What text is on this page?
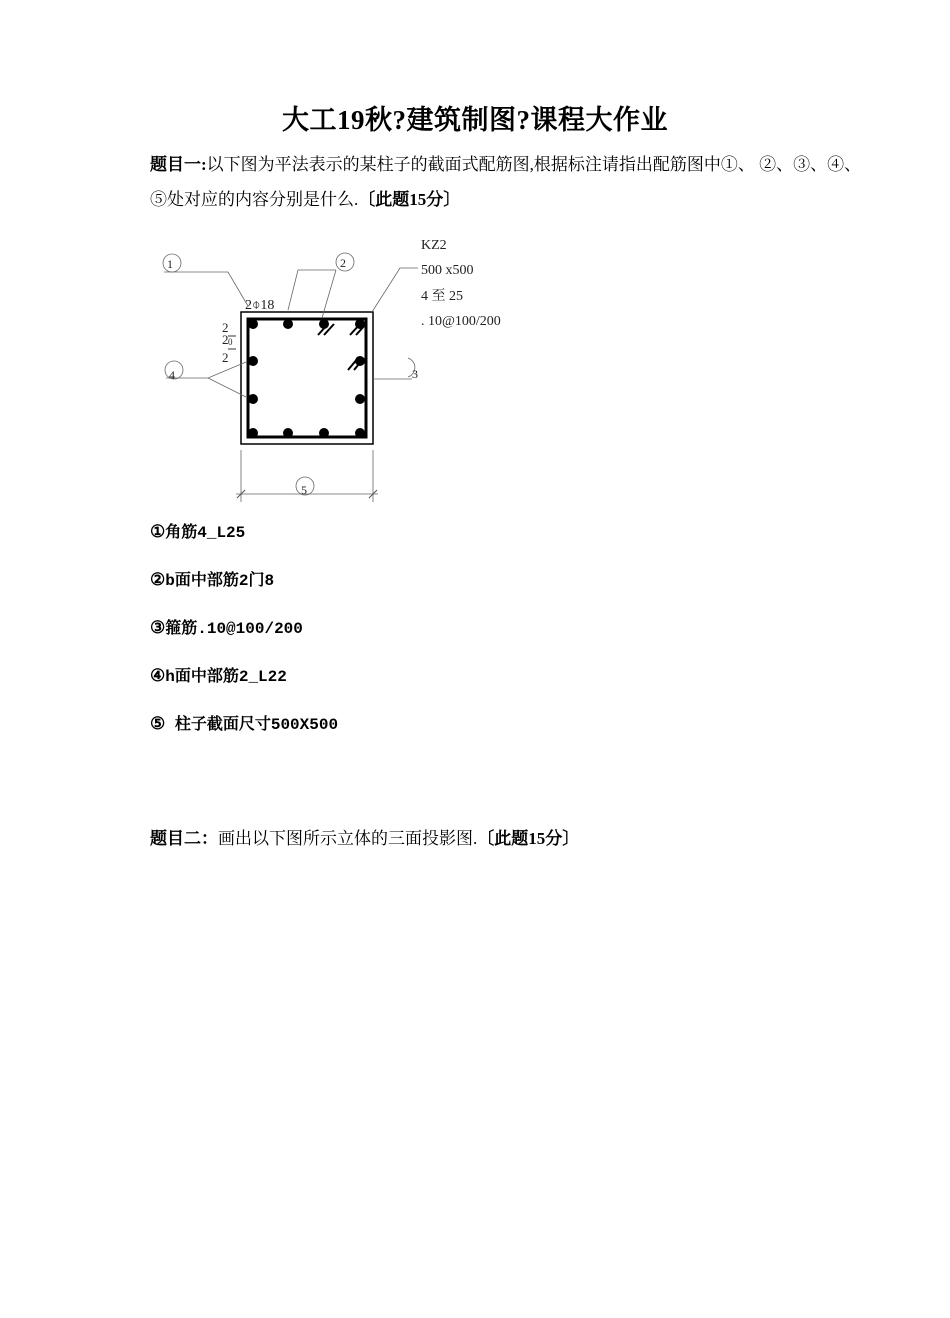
大工19秋?建筑制图?课程大作业
题目一:以下图为平法表示的某柱子的截面式配筋图,根据标注请指出配筋图中①、 ②、③、④、
⑤处对应的内容分别是什么.〔此题15分〕
1	2
3
4
5
2⌽18
2
2 0
2
KZ2
500 x500
4 至 25
. 10@100/200
①角筋4_L25
②b面中部筋2门8
③箍筋.10@100/200
④h面中部筋2_L22
⑤ 柱子截面尺寸500X500
题目二：画出以下图所示立体的三面投影图.〔此题15分〕
